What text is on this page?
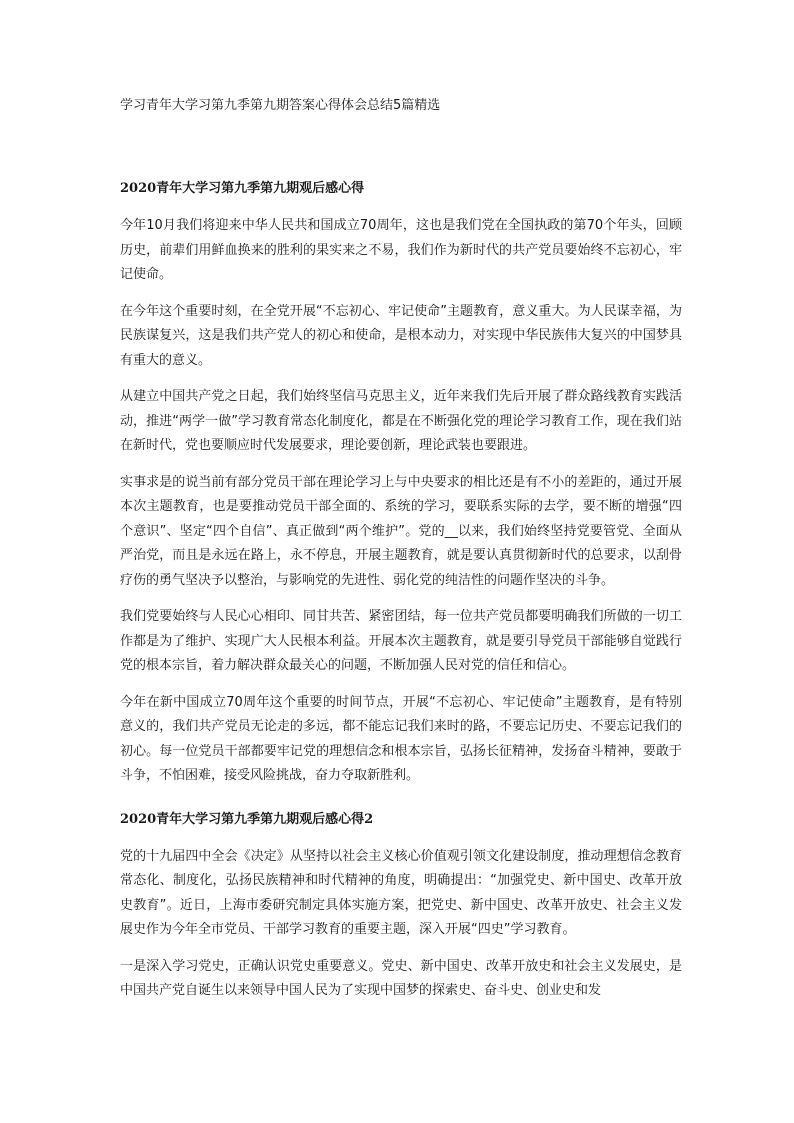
学习青年大学习第九季第九期答案心得体会总结5篇精选
2020青年大学习第九季第九期观后感心得

今年10月我们将迎来中华人民共和国成立70周年，这也是我们党在全国执政的第70个年头，回顾历史，前辈们用鲜血换来的胜利的果实来之不易，我们作为新时代的共产党员要始终不忘初心，牢记使命。

在今年这个重要时刻，在全党开展“不忘初心、牢记使命”主题教育，意义重大。为人民谋幸福，为民族谋复兴，这是我们共产党人的初心和使命，是根本动力，对实现中华民族伟大复兴的中国梦具有重大的意义。

从建立中国共产党之日起，我们始终坚信马克思主义，近年来我们先后开展了群众路线教育实践活动，推进“两学一做”学习教育常态化制度化，都是在不断强化党的理论学习教育工作，现在我们站在新时代，党也要顺应时代发展要求，理论要创新，理论武装也要跟进。

实事求是的说当前有部分党员干部在理论学习上与中央要求的相比还是有不小的差距的，通过开展本次主题教育，也是要推动党员干部全面的、系统的学习，要联系实际的去学，要不断的增强“四个意识”、坚定“四个自信”、真正做到“两个维护”。党的__以来，我们始终坚持党要管党、全面从严治党，而且是永远在路上，永不停息，开展主题教育，就是要认真贯彻新时代的总要求，以刮骨疗伤的勇气坚决予以整治，与影响党的先进性、弱化党的纯洁性的问题作坚决的斗争。

我们党要始终与人民心心相印、同甘共苦、紧密团结，每一位共产党员都要明确我们所做的一切工作都是为了维护、实现广大人民根本利益。开展本次主题教育，就是要引导党员干部能够自觉践行党的根本宗旨，着力解决群众最关心的问题，不断加强人民对党的信任和信心。

今年在新中国成立70周年这个重要的时间节点，开展“不忘初心、牢记使命”主题教育，是有特别意义的，我们共产党员无论走的多远，都不能忘记我们来时的路，不要忘记历史、不要忘记我们的初心。每一位党员干部都要牢记党的理想信念和根本宗旨，弘扬长征精神，发扬奋斗精神，要敢于斗争，不怕困难，接受风险挑战，奋力夺取新胜利。

2020青年大学习第九季第九期观后感心得2

党的十九届四中全会《决定》从坚持以社会主义核心价值观引领文化建设制度，推动理想信念教育常态化、制度化，弘扬民族精神和时代精神的角度，明确提出：“加强党史、新中国史、改革开放史教育”。近日，上海市委研究制定具体实施方案，把党史、新中国史、改革开放史、社会主义发展史作为今年全市党员、干部学习教育的重要主题，深入开展“四史”学习教育。

一是深入学习党史，正确认识党史重要意义。党史、新中国史、改革开放史和社会主义发展史，是中国共产党自诞生以来领导中国人民为了实现中国梦的探索史、奋斗史、创业史和发
